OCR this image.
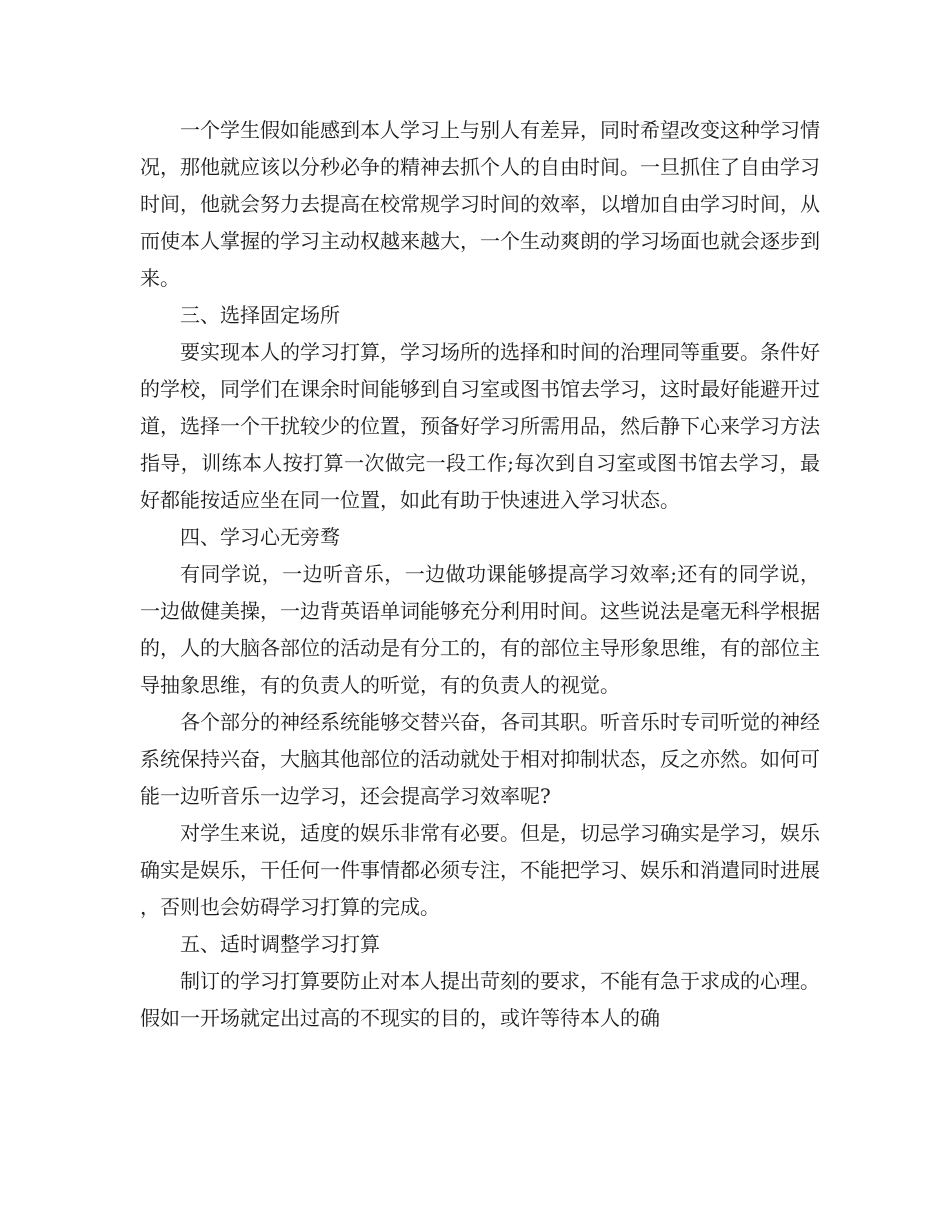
一个学生假如能感到本人学习上与别人有差异，同时希望改变这种学习情况，那他就应该以分秒必争的精神去抓个人的自由时间。一旦抓住了自由学习时间，他就会努力去提高在校常规学习时间的效率，以增加自由学习时间，从而使本人掌握的学习主动权越来越大，一个生动爽朗的学习场面也就会逐步到来。

三、选择固定场所

要实现本人的学习打算，学习场所的选择和时间的治理同等重要。条件好的学校，同学们在课余时间能够到自习室或图书馆去学习，这时最好能避开过道，选择一个干扰较少的位置，预备好学习所需用品，然后静下心来学习方法指导，训练本人按打算一次做完一段工作;每次到自习室或图书馆去学习，最好都能按适应坐在同一位置，如此有助于快速进入学习状态。

四、学习心无旁骛

有同学说，一边听音乐，一边做功课能够提高学习效率;还有的同学说，一边做健美操，一边背英语单词能够充分利用时间。这些说法是毫无科学根据的，人的大脑各部位的活动是有分工的，有的部位主导形象思维，有的部位主导抽象思维，有的负责人的听觉，有的负责人的视觉。

各个部分的神经系统能够交替兴奋，各司其职。听音乐时专司听觉的神经系统保持兴奋，大脑其他部位的活动就处于相对抑制状态，反之亦然。如何可能一边听音乐一边学习，还会提高学习效率呢?

对学生来说，适度的娱乐非常有必要。但是，切忌学习确实是学习，娱乐确实是娱乐，干任何一件事情都必须专注，不能把学习、娱乐和消遣同时进展，否则也会妨碍学习打算的完成。

五、适时调整学习打算

制订的学习打算要防止对本人提出苛刻的要求，不能有急于求成的心理。假如一开场就定出过高的不现实的目的，或许等待本人的确
